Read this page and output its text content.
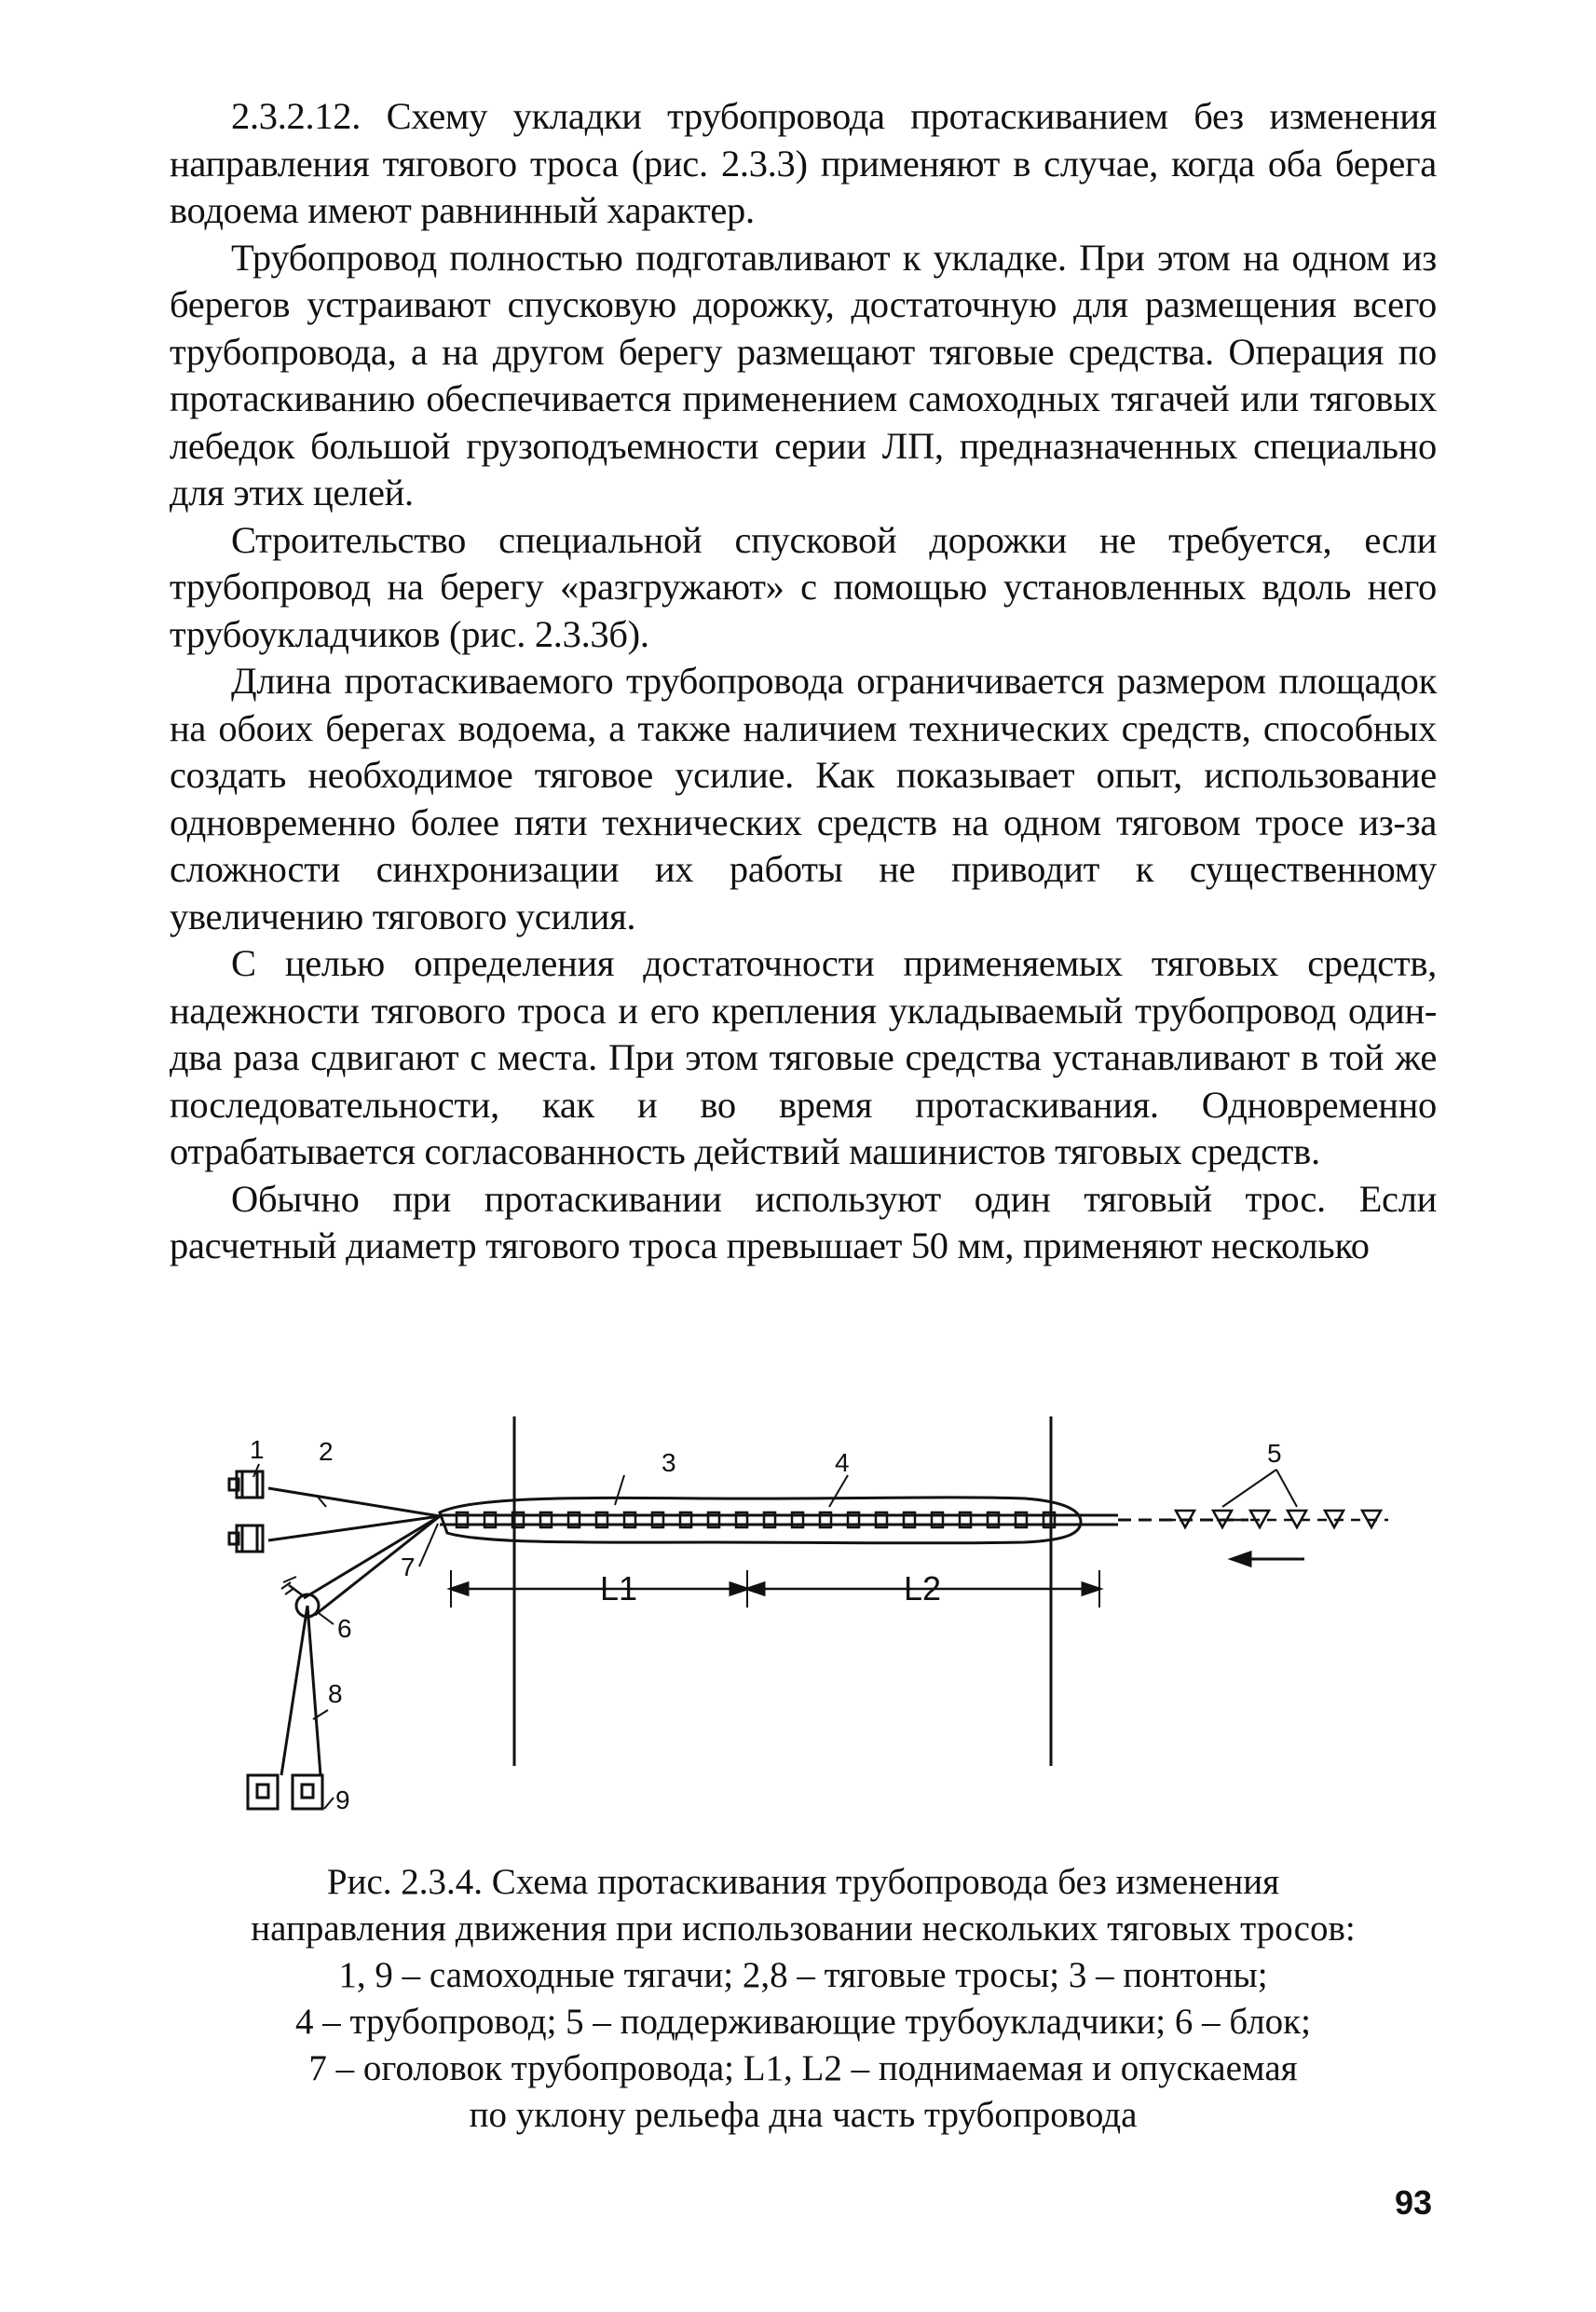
2.3.2.12. Схему укладки трубопровода протаскиванием без изменения направления тягового троса (рис. 2.3.3) применяют в случае, когда оба берега водоема имеют равнинный характер.

Трубопровод полностью подготавливают к укладке. При этом на одном из берегов устраивают спусковую дорожку, достаточную для размещения всего трубопровода, а на другом берегу размещают тяговые средства. Операция по протаскиванию обеспечивается применением самоходных тягачей или тяговых лебедок большой грузоподъемности серии ЛП, предназначенных специально для этих целей.

Строительство специальной спусковой дорожки не требуется, если трубопровод на берегу «разгружают» с помощью установленных вдоль него трубоукладчиков (рис. 2.3.3б).

Длина протаскиваемого трубопровода ограничивается размером площадок на обоих берегах водоема, а также наличием технических средств, способных создать необходимое тяговое усилие. Как показывает опыт, использование одновременно более пяти технических средств на одном тяговом тросе из-за сложности синхронизации их работы не приводит к существенному увеличению тягового усилия.

С целью определения достаточности применяемых тяговых средств, надежности тягового троса и его крепления укладываемый трубопровод один-два раза сдвигают с места. При этом тяговые средства устанавливают в той же последовательности, как и во время протаскивания. Одновременно отрабатывается согласованность действий машинистов тяговых средств.

Обычно при протаскивании используют один тяговый трос. Если расчетный диаметр тягового троса превышает 50 мм, применяют несколько

1 2	3	4	5
6
7
8
9
L1	L2
Рис. 2.3.4. Схема протаскивания трубопровода без изменения
направления движения при использовании нескольких тяговых тросов:
1, 9 – самоходные тягачи; 2,8 – тяговые тросы; 3 – понтоны;
4 – трубопровод; 5 – поддерживающие трубоукладчики; 6 – блок;
7 – оголовок трубопровода; L1, L2 – поднимаемая и опускаемая
по уклону рельефа дна часть трубопровода
93
